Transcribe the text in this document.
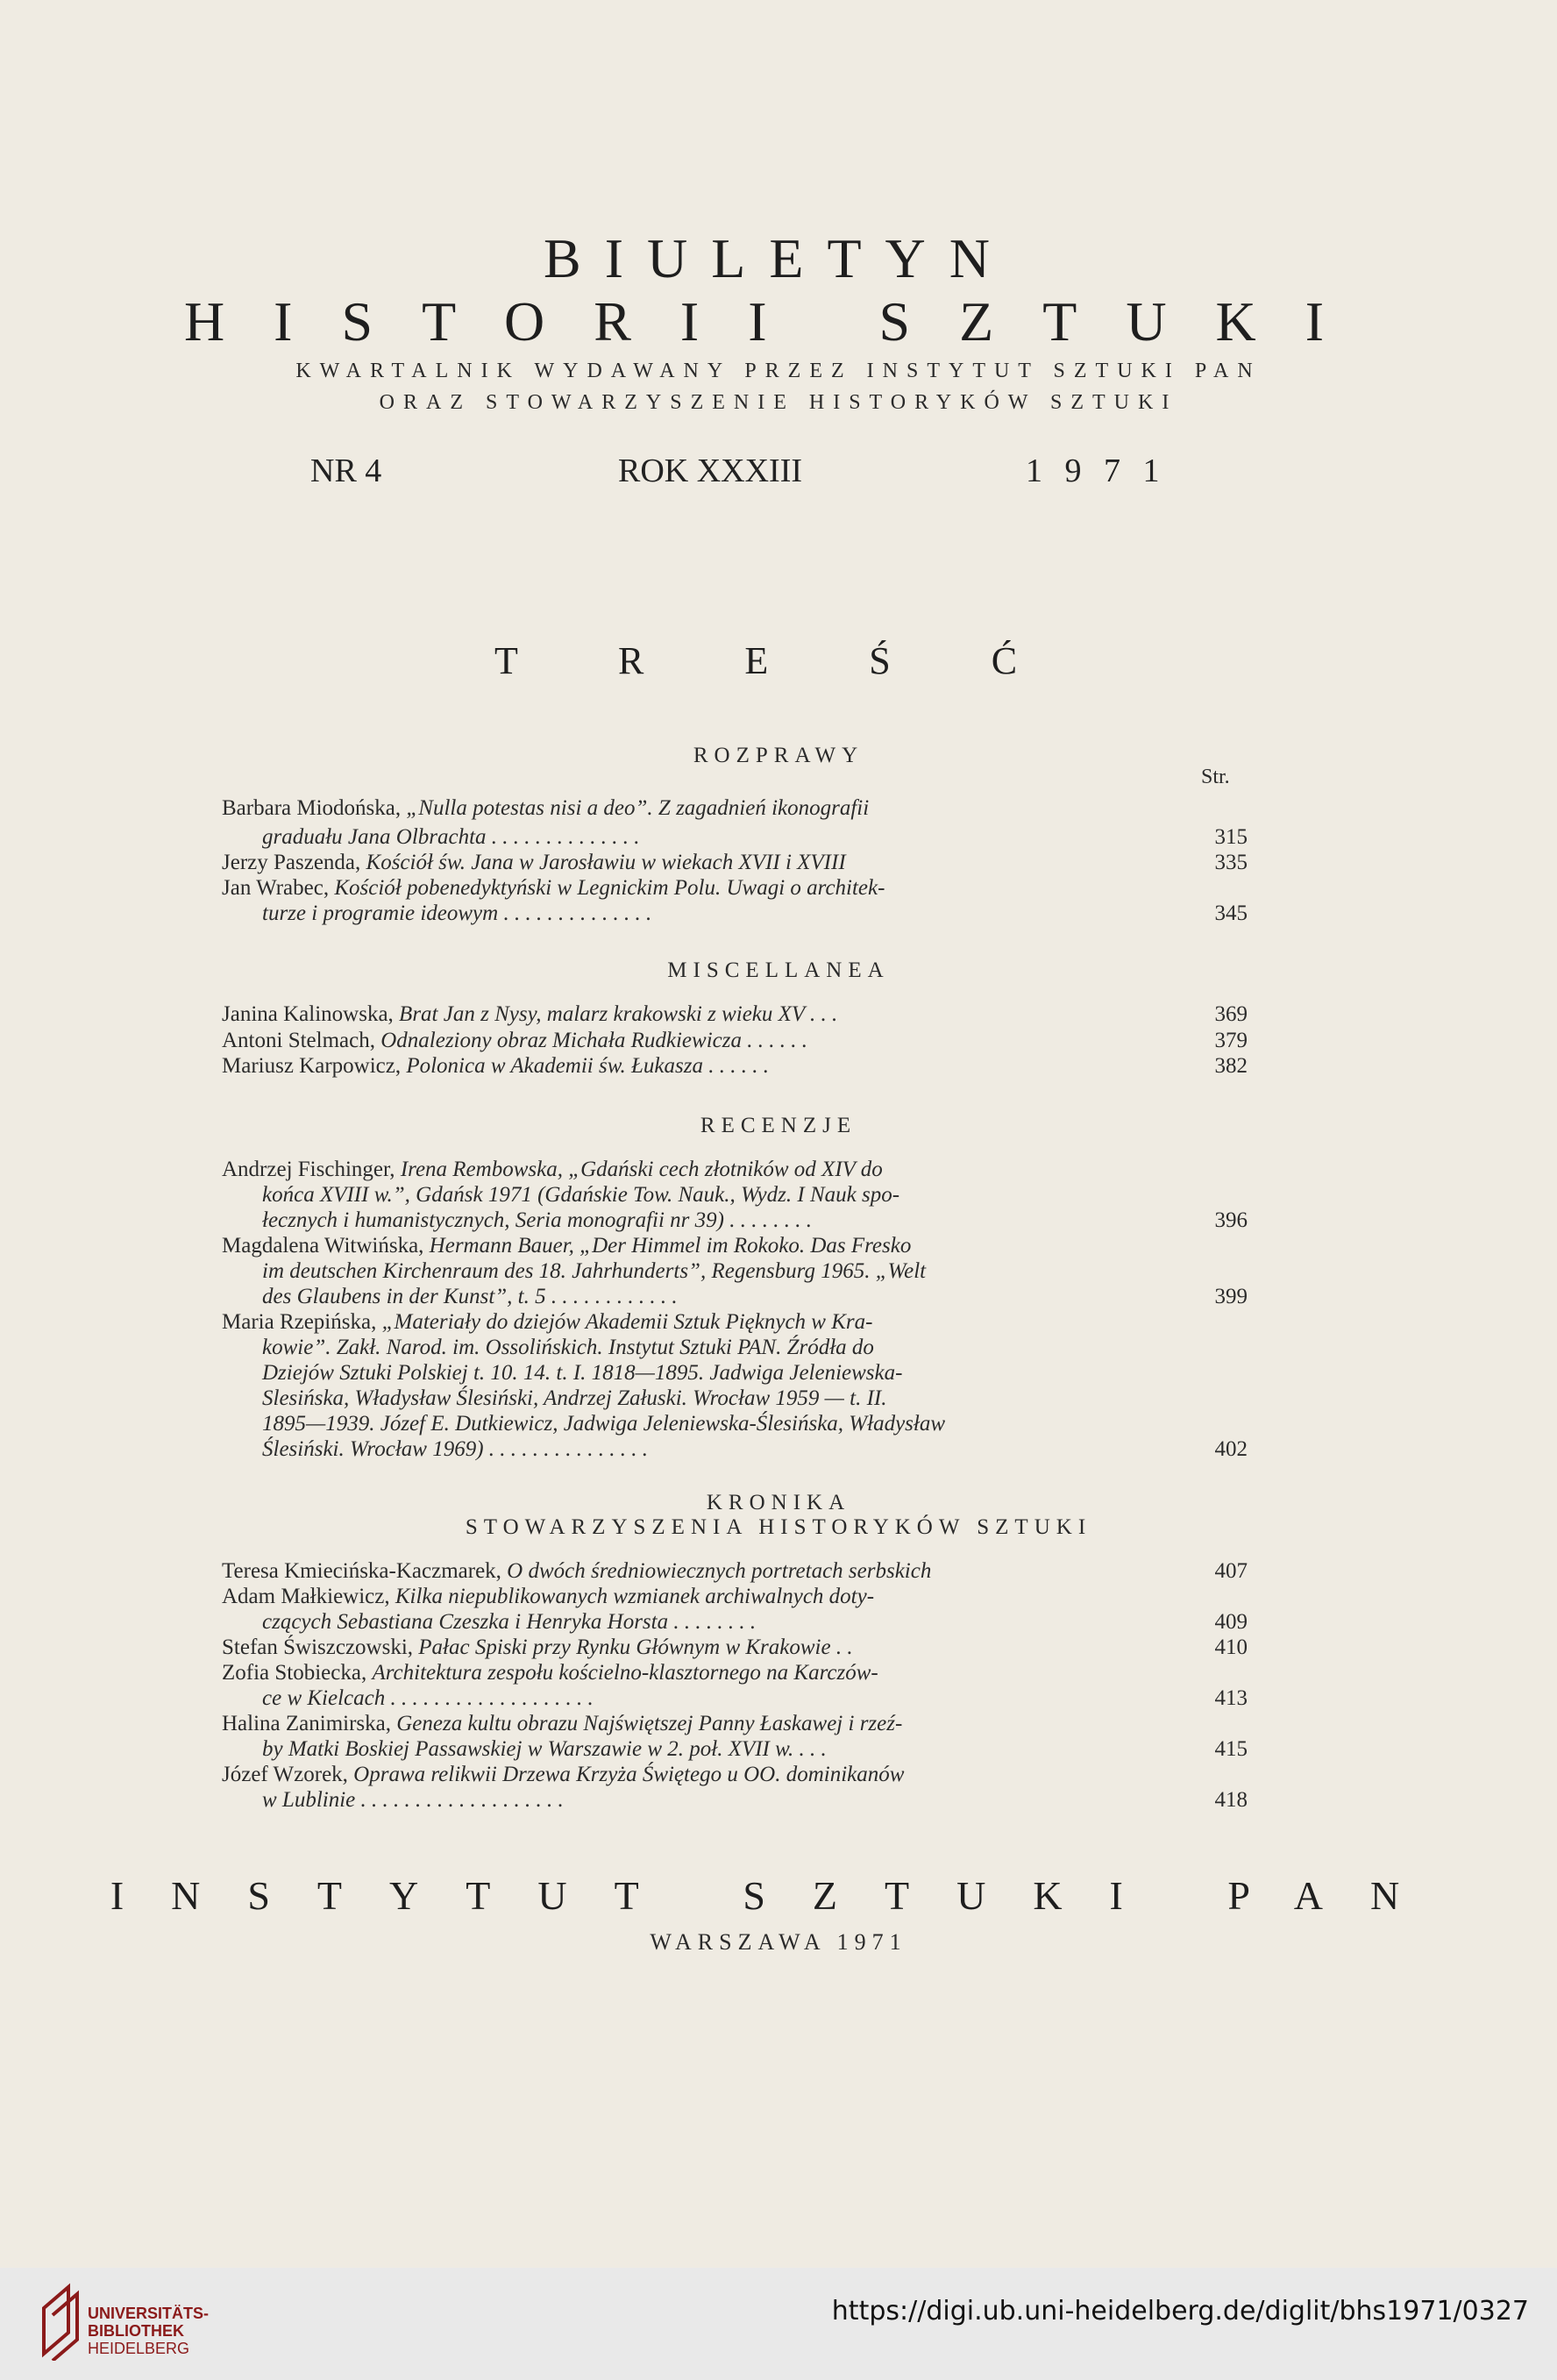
BIULETYN
HISTORII SZTUKI
KWARTALNIK WYDAWANY PRZEZ INSTYTUT SZTUKI PAN
ORAZ STOWARZYSZENIE HISTORYKÓW SZTUKI
NR 4	ROK XXXIII	1 9 7 1
T R E Ś Ć
ROZPRAWY
Str.
Barbara Miodońska, „Nulla potestas nisi a deo”. Z zagadnień ikonografii
graduału Jana Olbrachta . . . . . . . . . . . . . .	315
Jerzy Paszenda, Kościół św. Jana w Jarosławiu w wiekach XVII i XVIII	335
Jan Wrabec, Kościół pobenedyktyński w Legnickim Polu. Uwagi o architek-
turze i programie ideowym . . . . . . . . . . . . . .	345
MISCELLANEA
Janina Kalinowska, Brat Jan z Nysy, malarz krakowski z wieku XV . . .	369
Antoni Stelmach, Odnaleziony obraz Michała Rudkiewicza . . . . . .	379
Mariusz Karpowicz, Polonica w Akademii św. Łukasza . . . . . .	382
RECENZJE
Andrzej Fischinger, Irena Rembowska, „Gdański cech złotników od XIV do
końca XVIII w.”, Gdańsk 1971 (Gdańskie Tow. Nauk., Wydz. I Nauk spo-
łecznych i humanistycznych, Seria monografii nr 39) . . . . . . . .	396
Magdalena Witwińska, Hermann Bauer, „Der Himmel im Rokoko. Das Fresko
im deutschen Kirchenraum des 18. Jahrhunderts”, Regensburg 1965. „Welt
des Glaubens in der Kunst”, t. 5 . . . . . . . . . . . .	399
Maria Rzepińska, „Materiały do dziejów Akademii Sztuk Pięknych w Kra-
kowie”. Zakł. Narod. im. Ossolińskich. Instytut Sztuki PAN. Źródła do
Dziejów Sztuki Polskiej t. 10. 14. t. I. 1818—1895. Jadwiga Jeleniewska-
Slesińska, Władysław Ślesiński, Andrzej Załuski. Wrocław 1959 — t. II.
1895—1939. Józef E. Dutkiewicz, Jadwiga Jeleniewska-Ślesińska, Władysław
Ślesiński. Wrocław 1969) . . . . . . . . . . . . . . .	402
KRONIKA
STOWARZYSZENIA HISTORYKÓW SZTUKI
Teresa Kmiecińska-Kaczmarek, O dwóch średniowiecznych portretach serbskich	407
Adam Małkiewicz, Kilka niepublikowanych wzmianek archiwalnych doty-
czących Sebastiana Czeszka i Henryka Horsta . . . . . . . .	409
Stefan Świszczowski, Pałac Spiski przy Rynku Głównym w Krakowie . .	410
Zofia Stobiecka, Architektura zespołu kościelno-klasztornego na Karczów-
ce w Kielcach . . . . . . . . . . . . . . . . . . .	413
Halina Zanimirska, Geneza kultu obrazu Najświętszej Panny Łaskawej i rzeź-
by Matki Boskiej Passawskiej w Warszawie w 2. poł. XVII w. . . .	415
Józef Wzorek, Oprawa relikwii Drzewa Krzyża Świętego u OO. dominikanów
w Lublinie . . . . . . . . . . . . . . . . . . .	418
INSTYTUT SZTUKI PAN
WARSZAWA 1971
UNIVERSITÄTS-
BIBLIOTHEK
HEIDELBERG
https://digi.ub.uni-heidelberg.de/diglit/bhs1971/0327
